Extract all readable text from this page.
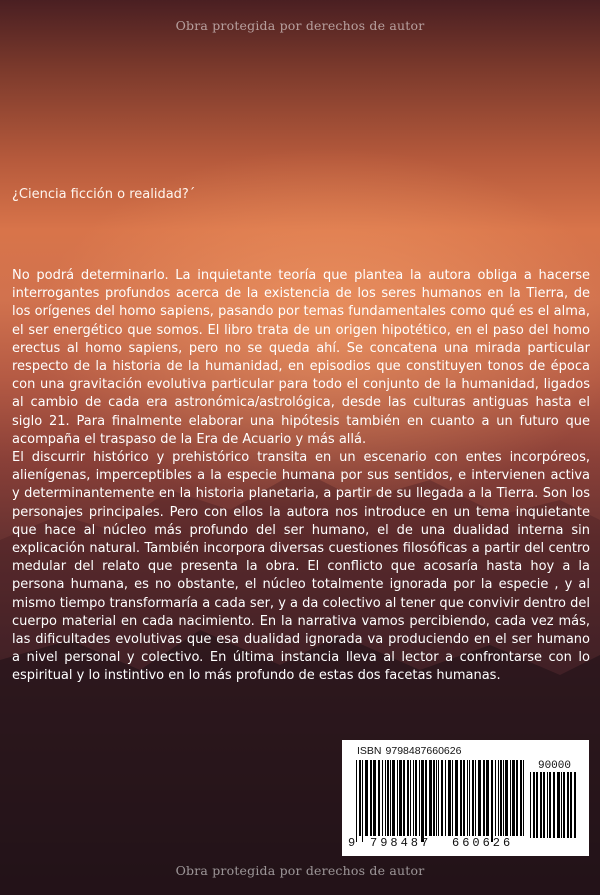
Obra protegida por derechos de autor
¿Ciencia ficción o realidad?´

No podrá determinarlo. La inquietante teoría que plantea la autora obliga a hacerse interrogantes profundos acerca de la existencia de los seres humanos en la Tierra, de los orígenes del homo sapiens, pasando por temas fundamentales como qué es el alma, el ser energético que somos. El libro trata de un origen hipotético, en el paso del homo erectus al homo sapiens, pero no se queda ahí. Se concatena una mirada particular respecto de la historia de la humanidad, en episodios que constituyen tonos de época con una gravitación evolutiva particular para todo el conjunto de la humanidad, ligados al cambio de cada era astronómica/astrológica, desde las culturas antiguas hasta el siglo 21. Para finalmente elaborar una hipótesis también en cuanto a un futuro que acompaña el traspaso de la Era de Acuario y más allá.

El discurrir histórico y prehistórico transita en un escenario con entes incorpóreos, alienígenas, imperceptibles a la especie humana por sus sentidos, e intervienen activa y determinantemente en la historia planetaria, a partir de su llegada a la Tierra. Son los personajes principales. Pero con ellos la autora nos introduce en un tema inquietante que hace al núcleo más profundo del ser humano, el de una dualidad interna sin explicación natural. También incorpora diversas cuestiones filosóficas a partir del centro medular del relato que presenta la obra. El conflicto que acosaría hasta hoy a la persona humana, es no obstante, el núcleo totalmente ignorada por la especie , y al mismo tiempo transformaría a cada ser, y a da colectivo al tener que convivir dentro del cuerpo material en cada nacimiento. En la narrativa vamos percibiendo, cada vez más, las dificultades evolutivas que esa dualidad ignorada va produciendo en el ser humano a nivel personal y colectivo. En última instancia lleva al lector a confrontarse con lo espiritual y lo instintivo en lo más profundo de estas dos facetas humanas.

ISBN 9798487660626
90000
9 798487 660626
Obra protegida por derechos de autor
